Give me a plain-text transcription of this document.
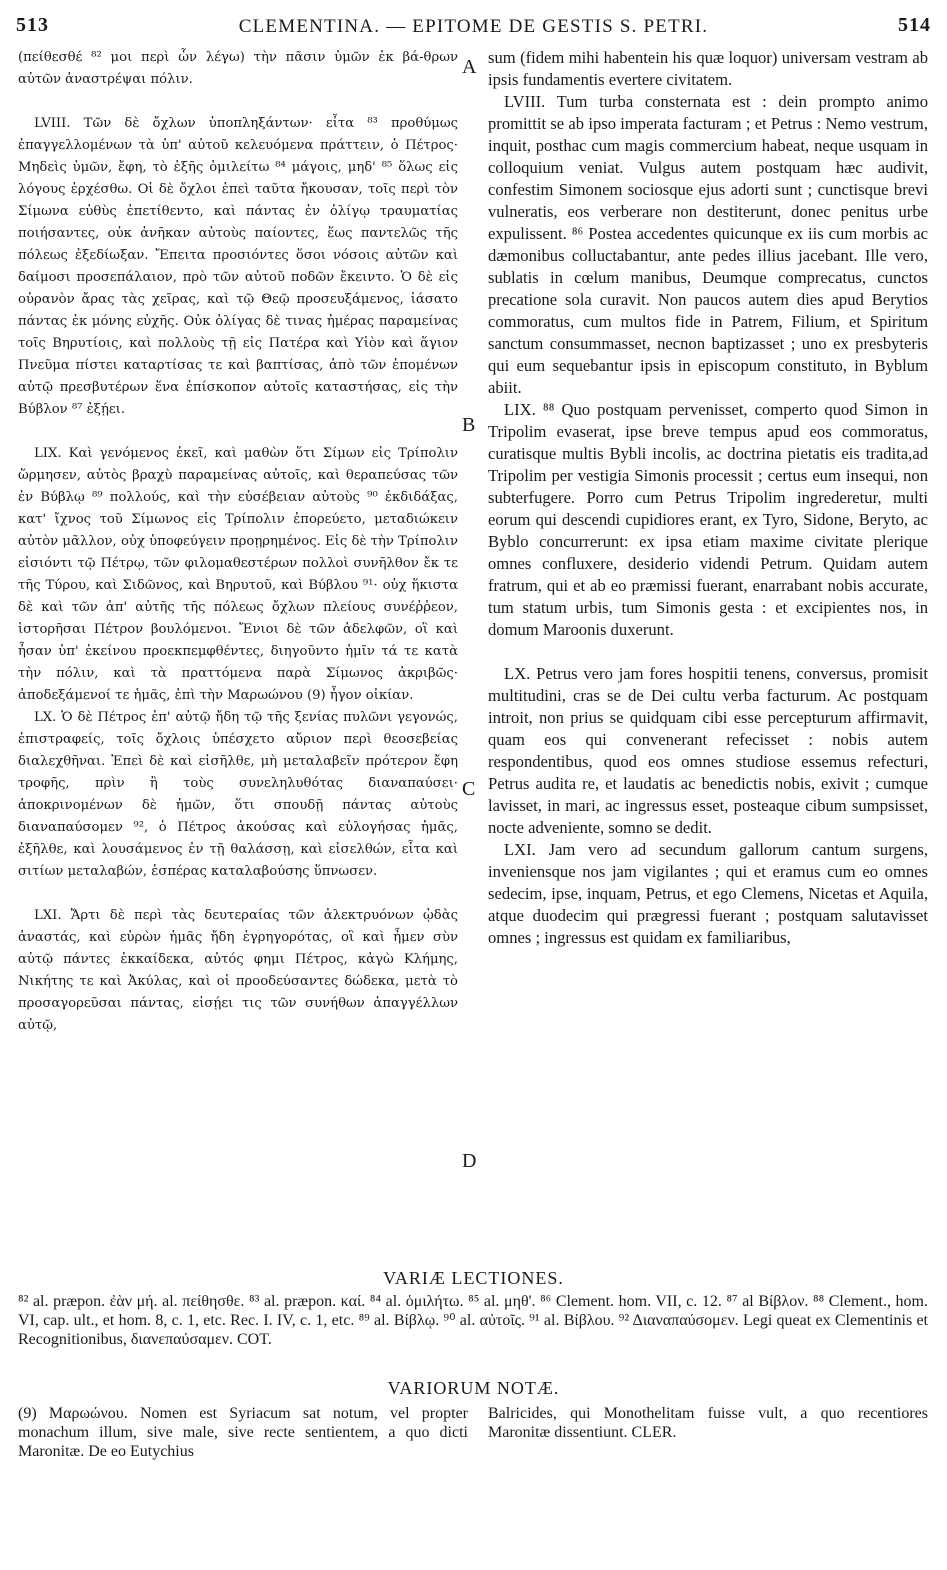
513	CLEMENTINA. — EPITOME DE GESTIS S. PETRI.	514

(πείθεσθέ ⁸² μοι περὶ ὧν λέγω) τὴν πᾶσιν ὑμῶν ἐκ βά-θρων αὐτῶν ἀναστρέψαι πόλιν.

LVIII. Τῶν δὲ ὄχλων ὑποπληξάντων· εἶτα ⁸³ προθύμως ἐπαγγελλομένων τὰ ὑπ' αὐτοῦ κελευόμενα πράττειν, ὁ Πέτρος· Μηδεὶς ὑμῶν, ἔφη, τὸ ἐξῆς ὁμιλείτω ⁸⁴ μάγοις, μηδ' ⁸⁵ ὅλως εἰς λόγους ἐρχέσθω. Οἱ δὲ ὄχλοι ἐπεὶ ταῦτα ἤκουσαν, τοῖς περὶ τὸν Σίμωνα εὐθὺς ἐπετίθεντο, καὶ πάντας ἐν ὀλίγῳ τραυματίας ποιήσαντες, οὐκ ἀνῆκαν αὐτοὺς παίοντες, ἕως παντελῶς τῆς πόλεως ἐξεδίωξαν. Ἔπειτα προσιόντες ὅσοι νόσοις αὐτῶν καὶ δαίμοσι προσεπάλαιον, πρὸ τῶν αὐτοῦ ποδῶν ἔκειντο. Ὁ δὲ εἰς οὐρανὸν ἄρας τὰς χεῖρας, καὶ τῷ Θεῷ προσευξάμενος, ἰάσατο πάντας ἐκ μόνης εὐχῆς. Οὐκ ὀλίγας δὲ τινας ἡμέρας παραμείνας τοῖς Βηρυτίοις, καὶ πολλοὺς τῇ εἰς Πατέρα καὶ Υἱὸν καὶ ἅγιον Πνεῦμα πίστει καταρτίσας τε καὶ βαπτίσας, ἀπὸ τῶν ἑπομένων αὐτῷ πρεσβυτέρων ἕνα ἐπίσκοπον αὐτοῖς καταστήσας, εἰς τὴν Βύβλον ⁸⁷ ἐξῄει.

LIX. Καὶ γενόμενος ἐκεῖ, καὶ μαθὼν ὅτι Σίμων εἰς Τρίπολιν ὥρμησεν, αὐτὸς βραχὺ παραμείνας αὐτοῖς, καὶ θεραπεύσας τῶν ἐν Βύβλῳ ⁸⁹ πολλούς, καὶ τὴν εὐσέβειαν αὐτοὺς ⁹⁰ ἐκδιδάξας, κατ' ἴχνος τοῦ Σίμωνος εἰς Τρίπολιν ἐπορεύετο, μεταδιώκειν αὐτὸν μᾶλλον, οὐχ ὑποφεύγειν προῃρημένος. Εἰς δὲ τὴν Τρίπολιν εἰσιόντι τῷ Πέτρῳ, τῶν φιλομαθεστέρων πολλοὶ συνῆλθον ἔκ τε τῆς Τύρου, καὶ Σιδῶνος, καὶ Βηρυτοῦ, καὶ Βύβλου ⁹¹· οὐχ ἥκιστα δὲ καὶ τῶν ἀπ' αὐτῆς τῆς πόλεως ὄχλων πλείους συνέῤῥεον, ἱστορῆσαι Πέτρον βουλόμενοι. Ἔνιοι δὲ τῶν ἀδελφῶν, οἳ καὶ ἦσαν ὑπ' ἐκείνου προεκπεμφθέντες, διηγοῦντο ἡμῖν τά τε κατὰ τὴν πόλιν, καὶ τὰ πραττόμενα παρὰ Σίμωνος ἀκριβῶς· ἀποδεξάμενοί τε ἡμᾶς, ἐπὶ τὴν Μαρωώνου (9) ἦγον οἰκίαν.

LX. Ὁ δὲ Πέτρος ἐπ' αὐτῷ ἤδη τῷ τῆς ξενίας πυλῶνι γεγονώς, ἐπιστραφείς, τοῖς ὄχλοις ὑπέσχετο αὔριον περὶ θεοσεβείας διαλεχθῆναι. Ἐπεὶ δὲ καὶ εἰσῆλθε, μὴ μεταλαβεῖν πρότερον ἔφη τροφῆς, πρὶν ἢ τοὺς συνεληλυθότας διαναπαύσει· ἀποκρινομένων δὲ ἡμῶν, ὅτι σπουδῇ πάντας αὐτοὺς διαναπαύσομεν ⁹², ὁ Πέτρος ἀκούσας καὶ εὐλογήσας ἡμᾶς, ἐξῆλθε, καὶ λουσάμενος ἐν τῇ θαλάσσῃ, καὶ εἰσελθών, εἶτα καὶ σιτίων μεταλαβών, ἑσπέρας καταλαβούσης ὕπνωσεν.

LXI. Ἄρτι δὲ περὶ τὰς δευτεραίας τῶν ἀλεκτρυόνων ᾠδὰς ἀναστάς, καὶ εὑρὼν ἡμᾶς ἤδη ἐγρηγορότας, οἳ καὶ ἦμεν σὺν αὐτῷ πάντες ἑκκαίδεκα, αὐτός φημι Πέτρος, κἀγὼ Κλήμης, Νικήτης τε καὶ Ἀκύλας, καὶ οἱ προοδεύσαντες δώδεκα, μετὰ τὸ προσαγορεῦσαι πάντας, εἰσῄει τις τῶν συνήθων ἀπαγγέλλων αὐτῷ,

A
B
C
D

sum (fidem mihi habentein his quæ loquor) universam vestram ab ipsis fundamentis evertere civitatem.

LVIII. Tum turba consternata est : dein prompto animo promittit se ab ipso imperata facturam ; et Petrus : Nemo vestrum, inquit, posthac cum magis commercium habeat, neque usquam in colloquium veniat. Vulgus autem postquam hæc audivit, confestim Simonem sociosque ejus adorti sunt ; cunctisque brevi vulneratis, eos verberare non destiterunt, donec penitus urbe expulissent. ⁸⁶ Postea accedentes quicunque ex iis cum morbis ac dæmonibus colluctabantur, ante pedes illius jacebant. Ille vero, sublatis in cœlum manibus, Deumque comprecatus, cunctos precatione sola curavit. Non paucos autem dies apud Berytios commoratus, cum multos fide in Patrem, Filium, et Spiritum sanctum consummasset, necnon baptizasset ; uno ex presbyteris qui eum sequebantur ipsis in episcopum constituto, in Byblum abiit.

LIX. ⁸⁸ Quo postquam pervenisset, comperto quod Simon in Tripolim evaserat, ipse breve tempus apud eos commoratus, curatisque multis Bybli incolis, ac doctrina pietatis eis tradita,ad Tripolim per vestigia Simonis processit ; certus eum insequi, non subterfugere. Porro cum Petrus Tripolim ingrederetur, multi eorum qui descendi cupidiores erant, ex Tyro, Sidone, Beryto, ac Byblo concurrerunt: ex ipsa etiam maxime civitate plerique omnes confluxere, desiderio videndi Petrum. Quidam autem fratrum, qui et ab eo præmissi fuerant, enarrabant nobis accurate, tum statum urbis, tum Simonis gesta : et excipientes nos, in domum Maroonis duxerunt.

LX. Petrus vero jam fores hospitii tenens, conversus, promisit multitudini, cras se de Dei cultu verba facturum. Ac postquam introit, non prius se quidquam cibi esse percepturum affirmavit, quam eos qui convenerant refecisset : nobis autem respondentibus, quod eos omnes studiose essemus refecturi, Petrus audita re, et laudatis ac benedictis nobis, exivit ; cumque lavisset, in mari, ac ingressus esset, posteaque cibum sumpsisset, nocte adveniente, somno se dedit.

LXI. Jam vero ad secundum gallorum cantum surgens, inveniensque nos jam vigilantes ; qui et eramus cum eo omnes sedecim, ipse, inquam, Petrus, et ego Clemens, Nicetas et Aquila, atque duodecim qui prægressi fuerant ; postquam salutavisset omnes ; ingressus est quidam ex familiaribus,

VARIÆ LECTIONES.
⁸² al. præpon. ἐὰν μή. al. πείθησθε. ⁸³ al. præpon. καί. ⁸⁴ al. ὁμιλήτω. ⁸⁵ al. μηθ'. ⁸⁶ Clement. hom. VII, c. 12. ⁸⁷ al Βίβλον. ⁸⁸ Clement., hom. VI, cap. ult., et hom. 8, c. 1, etc. Rec. I. IV, c. 1, etc. ⁸⁹ al. Βίβλῳ. ⁹⁰ al. αὐτοῖς. ⁹¹ al. Βίβλου. ⁹² Διαναπαύσομεν. Legi queat ex Clementinis et Recognitionibus, διανεπαύσαμεν. COT.
VARIORUM NOTÆ.
(9) Μαρωώνου. Nomen est Syriacum sat notum, vel propter monachum illum, sive male, sive recte sentientem, a quo dicti Maronitæ. De eo Eutychius
Balricides, qui Monothelitam fuisse vult, a quo recentiores Maronitæ dissentiunt. CLER.
